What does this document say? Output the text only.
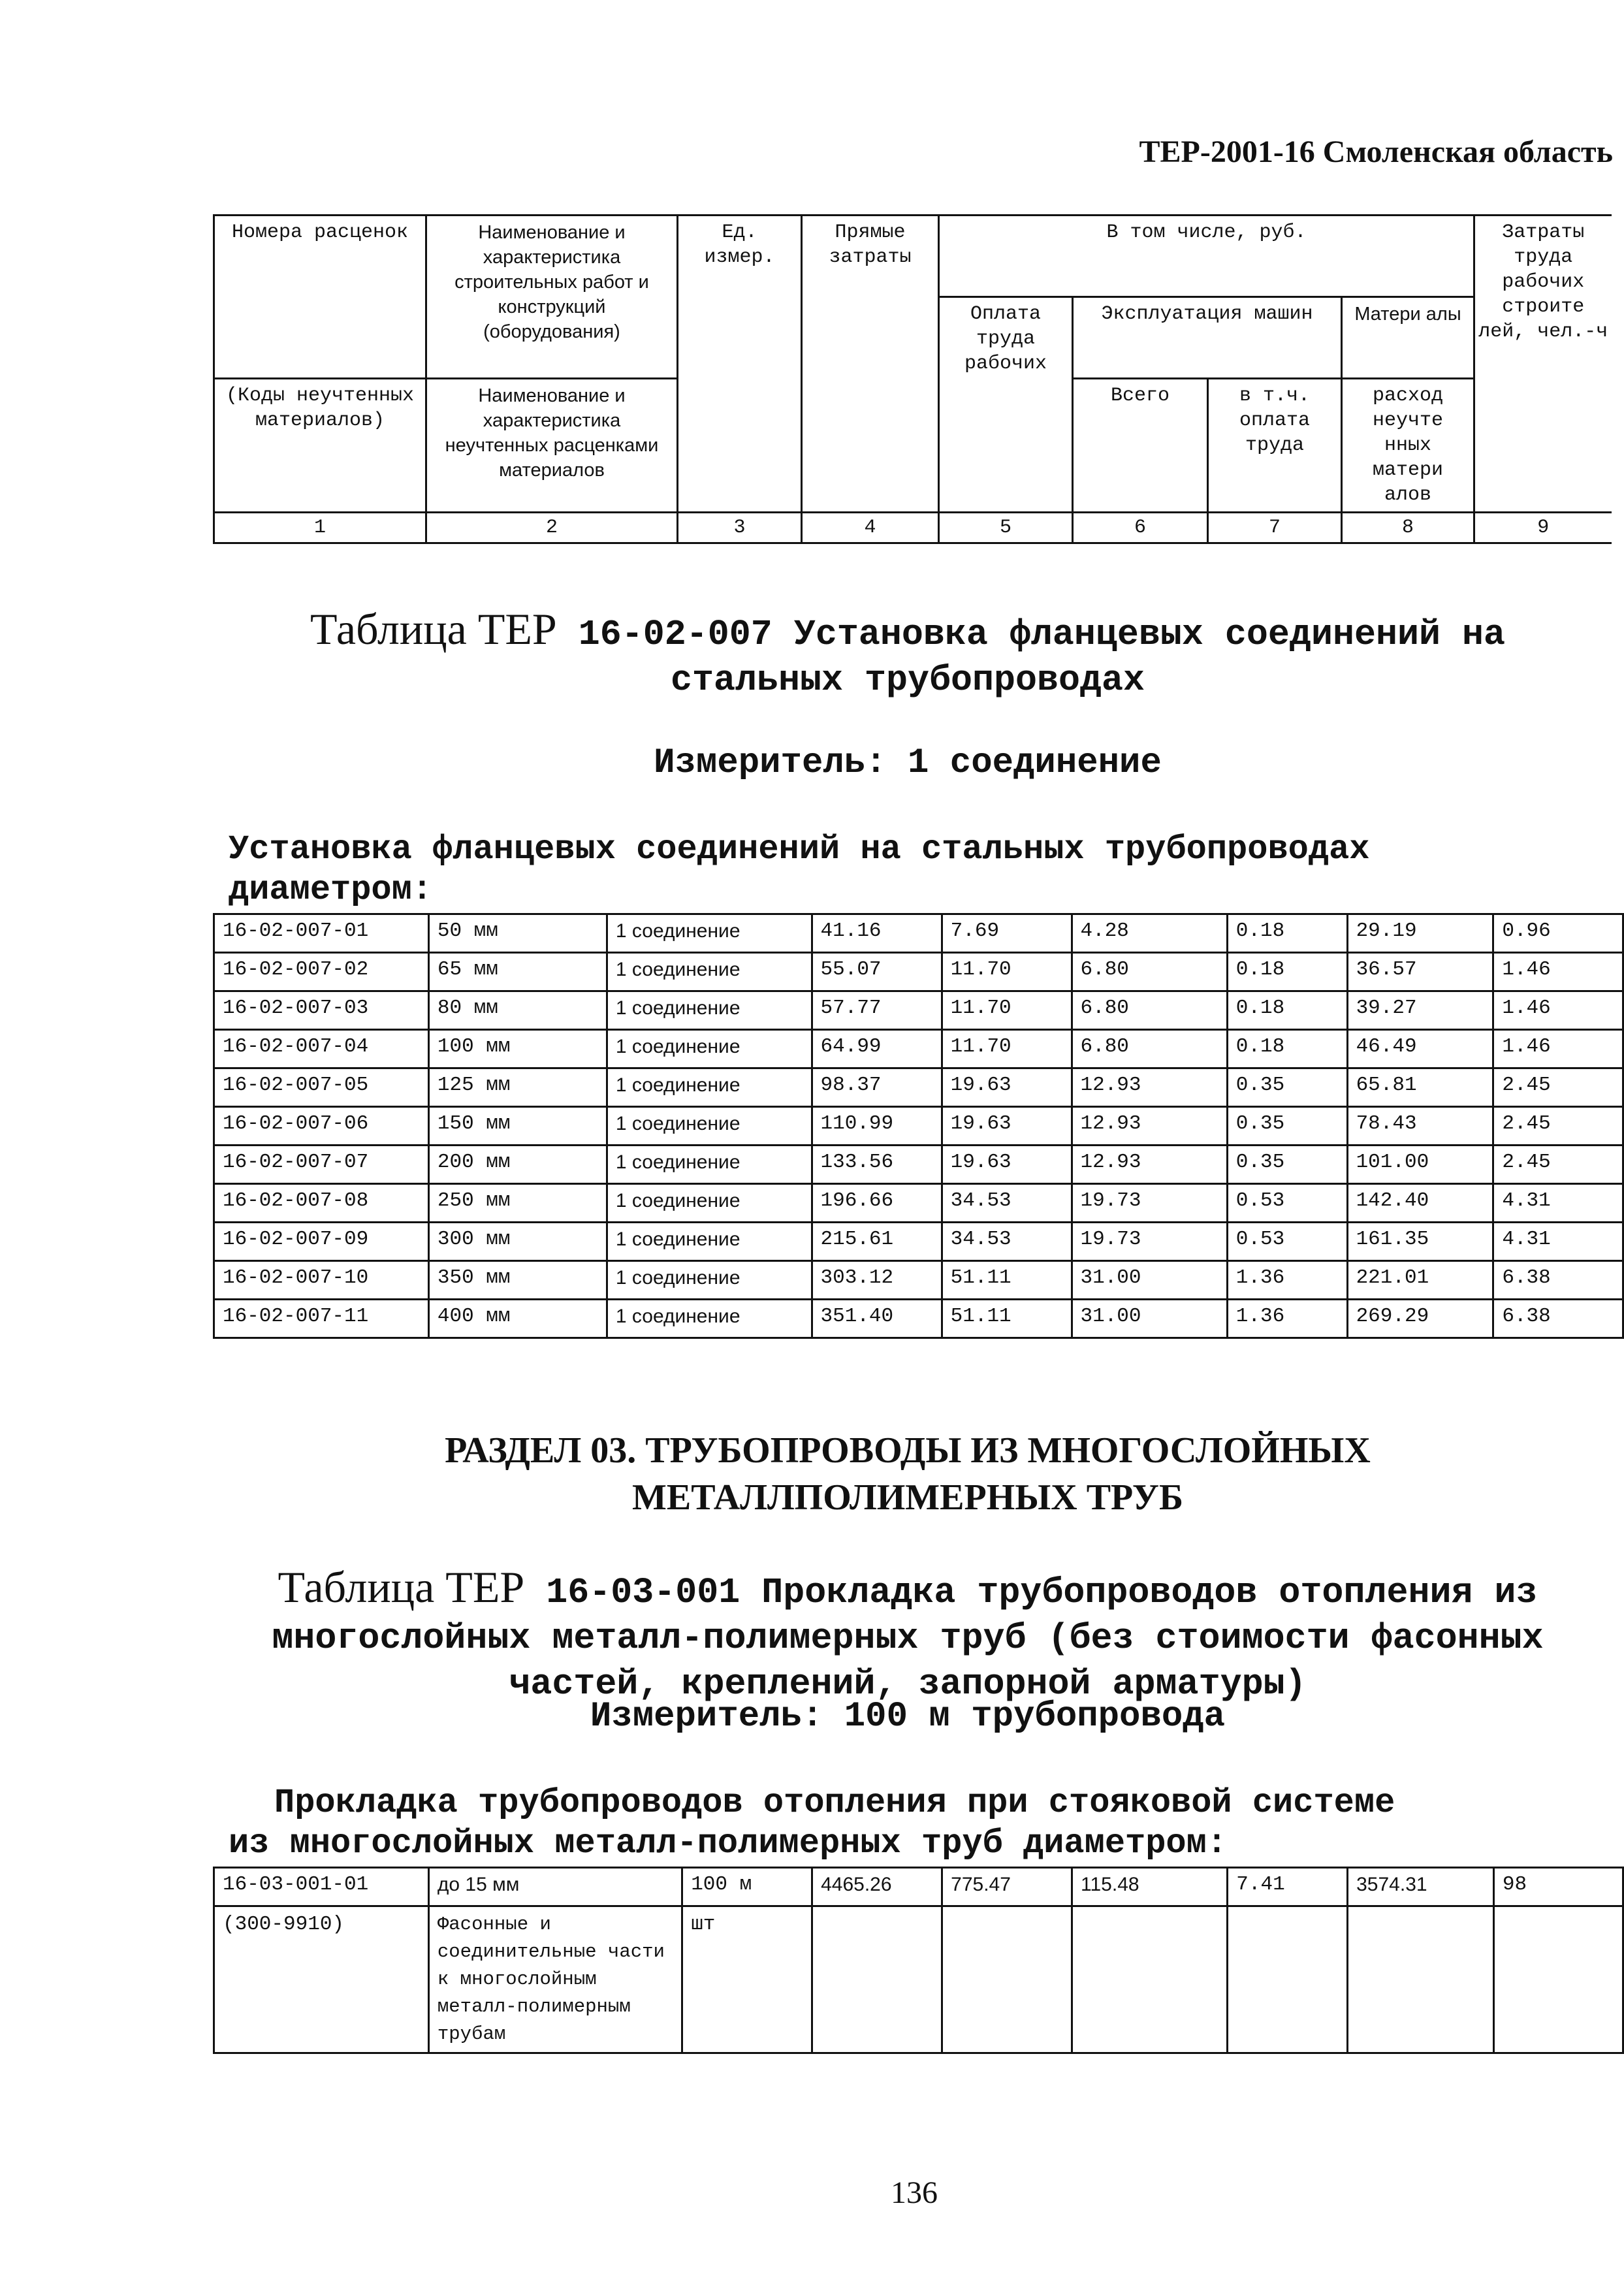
ТЕР-2001-16 Смоленская область
Номера расценок	Наименование и характеристика строительных работ и конструкций (оборудования)	Ед. измер.	Прямые затраты	В том числе, руб.				Затраты труда рабочих строите лей, чел.-ч
				Оплата труда рабочих	Эксплуатация машин		Матери алы	
(Коды неучтенных материалов)	Наименование и характеристика неучтенных расценками материалов				Всего	в т.ч. оплата труда	расход неучте нных матери алов	
1	2	3	4	5	6	7	8	9
Таблица ТЕР 16-02-007 Установка фланцевых соединений на
стальных трубопроводах
Измеритель: 1 соединение
Установка фланцевых соединений на стальных трубопроводах
диаметром:
16-02-007-01	50 мм	1 соединение	41.16	7.69	4.28	0.18	29.19	0.96
16-02-007-02	65 мм	1 соединение	55.07	11.70	6.80	0.18	36.57	1.46
16-02-007-03	80 мм	1 соединение	57.77	11.70	6.80	0.18	39.27	1.46
16-02-007-04	100 мм	1 соединение	64.99	11.70	6.80	0.18	46.49	1.46
16-02-007-05	125 мм	1 соединение	98.37	19.63	12.93	0.35	65.81	2.45
16-02-007-06	150 мм	1 соединение	110.99	19.63	12.93	0.35	78.43	2.45
16-02-007-07	200 мм	1 соединение	133.56	19.63	12.93	0.35	101.00	2.45
16-02-007-08	250 мм	1 соединение	196.66	34.53	19.73	0.53	142.40	4.31
16-02-007-09	300 мм	1 соединение	215.61	34.53	19.73	0.53	161.35	4.31
16-02-007-10	350 мм	1 соединение	303.12	51.11	31.00	1.36	221.01	6.38
16-02-007-11	400 мм	1 соединение	351.40	51.11	31.00	1.36	269.29	6.38
РАЗДЕЛ 03. ТРУБОПРОВОДЫ ИЗ МНОГОСЛОЙНЫХ
МЕТАЛЛПОЛИМЕРНЫХ ТРУБ
Таблица ТЕР 16-03-001 Прокладка трубопроводов отопления из
многослойных металл-полимерных труб (без стоимости фасонных
частей, креплений, запорной арматуры)
Измеритель: 100 м трубопровода
Прокладка трубопроводов отопления при стояковой системе
из многослойных металл-полимерных труб диаметром:
16-03-001-01	до 15 мм	100 м	4465.26	775.47	115.48	7.41	3574.31	98
(300-9910)	Фасонные и соединительные части к многослойным металл-полимерным трубам	шт						
136
